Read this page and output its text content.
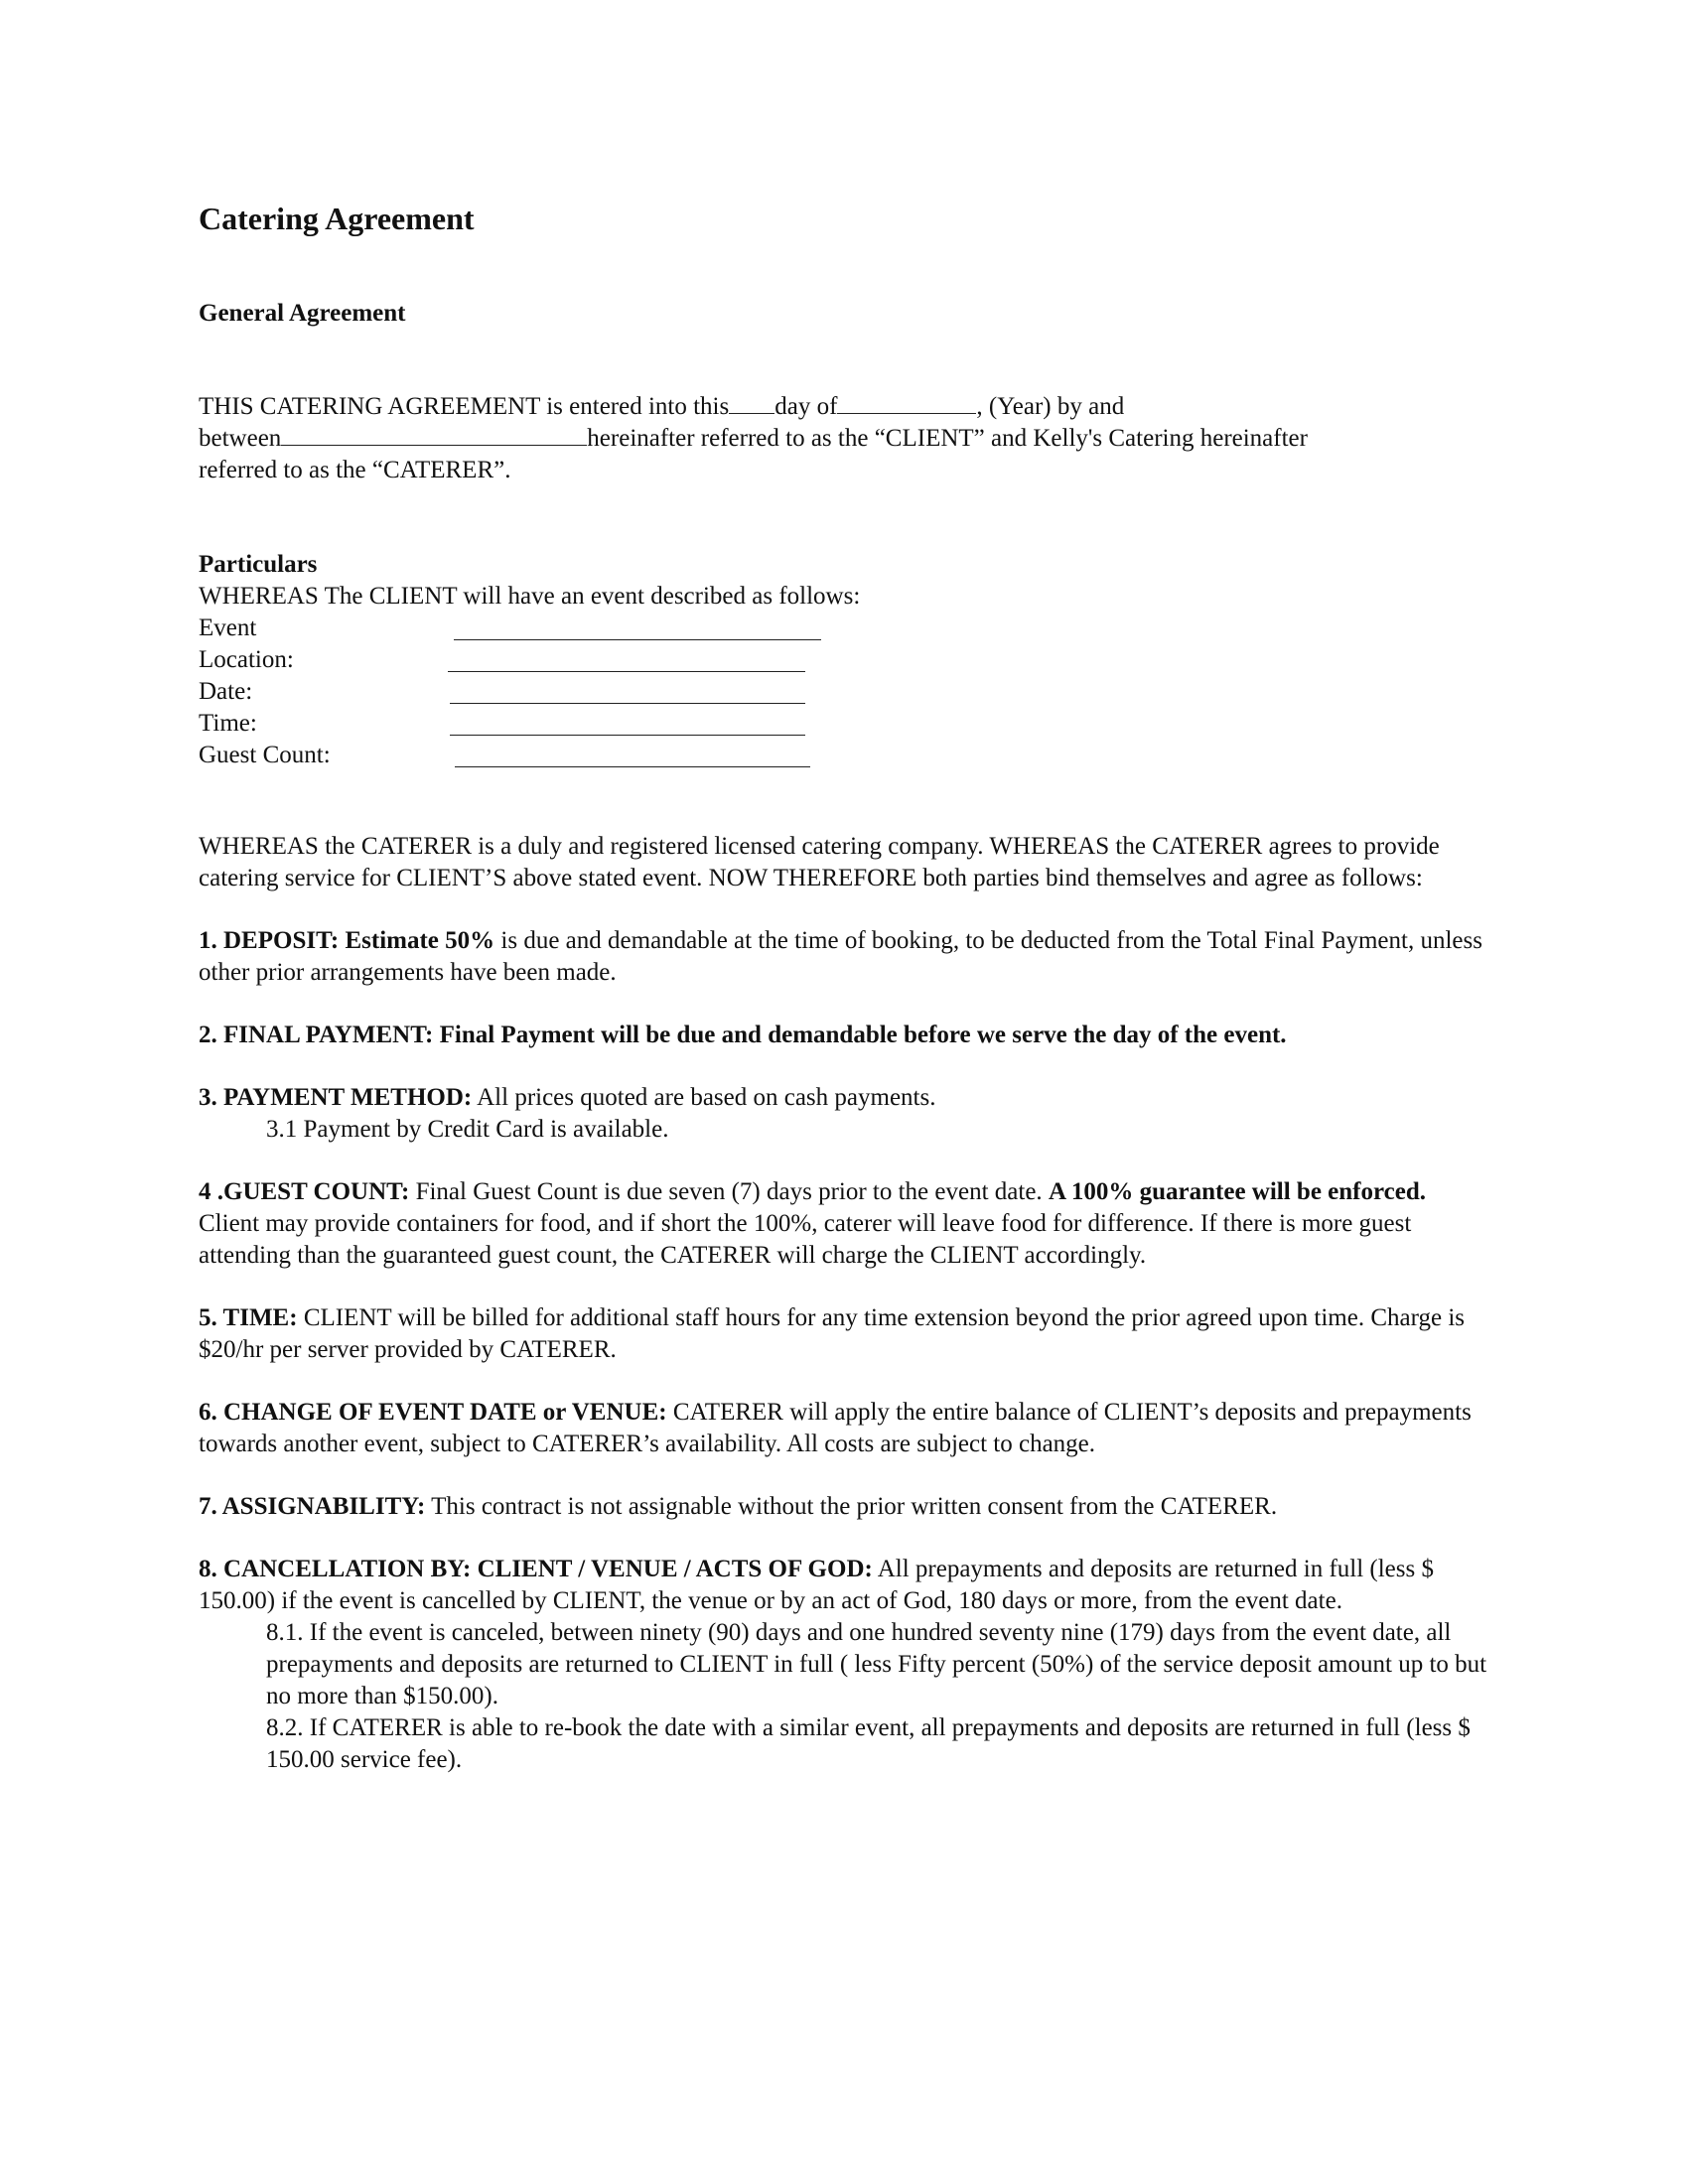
Catering Agreement
General Agreement
THIS CATERING AGREEMENT is entered into this day of	, (Year) by and
between	hereinafter referred to as the “CLIENT” and Kelly's Catering hereinafter
referred to as the “CATERER”.
Particulars
WHEREAS The CLIENT will have an event described as follows:
Event
Location:
Date:
Time:
Guest Count:

WHEREAS the CATERER is a duly and registered licensed catering company. WHEREAS the CATERER agrees to provide catering service for CLIENT’S above stated event. NOW THEREFORE both parties bind themselves and agree as follows:

1. DEPOSIT: Estimate 50% is due and demandable at the time of booking, to be deducted from the Total Final Payment, unless other prior arrangements have been made.

2. FINAL PAYMENT: Final Payment will be due and demandable before we serve the day of the event.

3. PAYMENT METHOD: All prices quoted are based on cash payments.

3.1 Payment by Credit Card is available.

4 .GUEST COUNT: Final Guest Count is due seven (7) days prior to the event date. A 100% guarantee will be enforced. Client may provide containers for food, and if short the 100%, caterer will leave food for difference. If there is more guest attending than the guaranteed guest count, the CATERER will charge the CLIENT accordingly.

5. TIME: CLIENT will be billed for additional staff hours for any time extension beyond the prior agreed upon time. Charge is $20/hr per server provided by CATERER.

6. CHANGE OF EVENT DATE or VENUE: CATERER will apply the entire balance of CLIENT’s deposits and prepayments towards another event, subject to CATERER’s availability. All costs are subject to change.

7. ASSIGNABILITY: This contract is not assignable without the prior written consent from the CATERER.

8. CANCELLATION BY: CLIENT / VENUE / ACTS OF GOD: All prepayments and deposits are returned in full (less $ 150.00) if the event is cancelled by CLIENT, the venue or by an act of God, 180 days or more, from the event date.

8.1. If the event is canceled, between ninety (90) days and one hundred seventy nine (179) days from the event date, all prepayments and deposits are returned to CLIENT in full ( less Fifty percent (50%) of the service deposit amount up to but no more than $150.00).

8.2. If CATERER is able to re-book the date with a similar event, all prepayments and deposits are returned in full (less $ 150.00 service fee).
